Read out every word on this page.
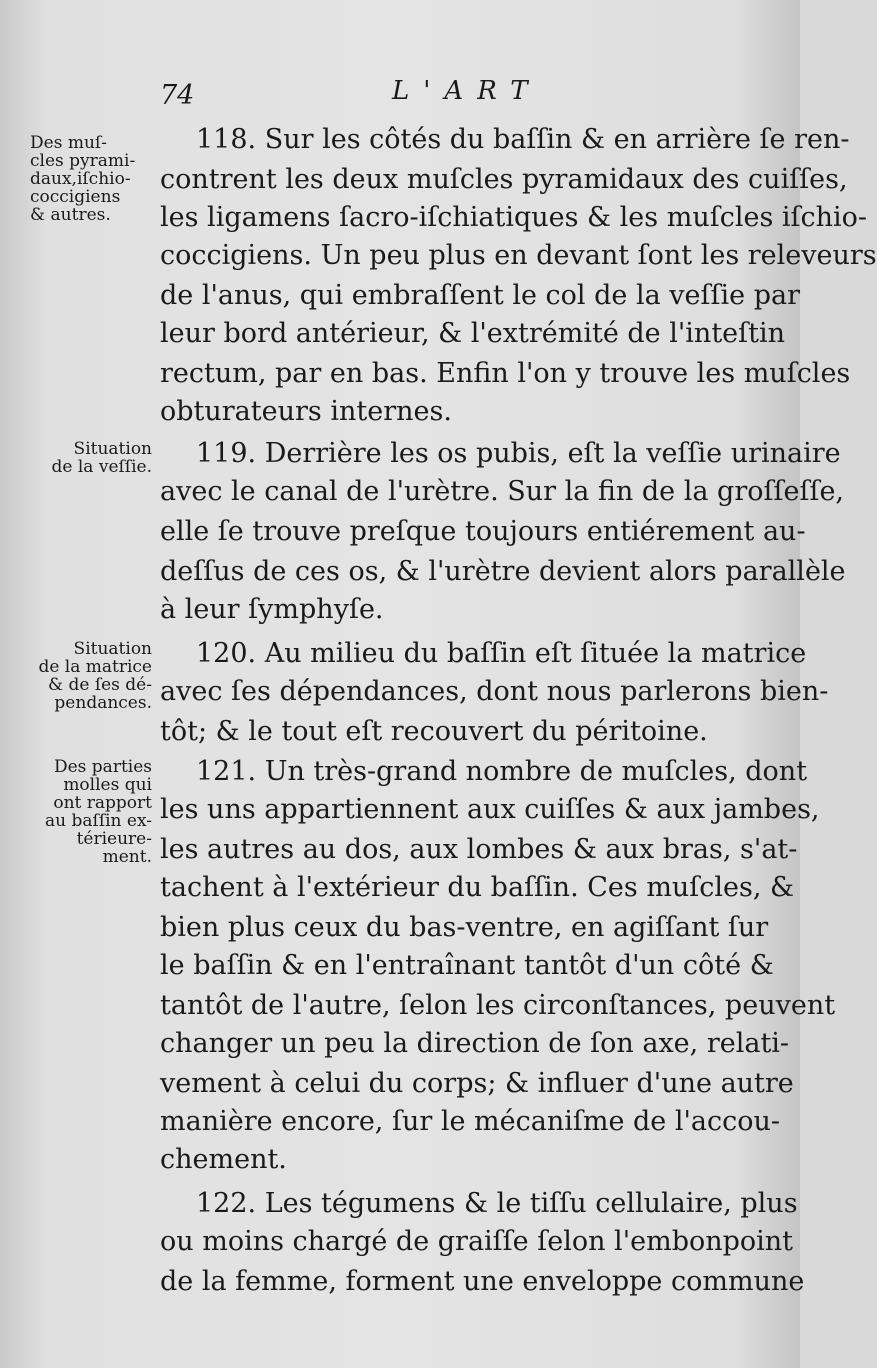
74	L'ART
Des muſ-
cles pyrami-
daux,iſchio-
coccigiens
& autres.
118. Sur les côtés du baſſin & en arrière ſe ren-
contrent les deux muſcles pyramidaux des cuiſſes,
les ligamens ſacro-iſchiatiques & les muſcles iſchio-
coccigiens. Un peu plus en devant ſont les releveurs
de l'anus, qui embraſſent le col de la veſſie par
leur bord antérieur, & l'extrémité de l'inteſtin
rectum, par en bas. Enfin l'on y trouve les muſcles
obturateurs internes.
Situation
de la veſſie. 119. Derrière les os pubis, eſt la veſſie urinaire
avec le canal de l'urètre. Sur la fin de la groſſeſſe,
elle ſe trouve preſque toujours entiérement au-
deſſus de ces os, & l'urètre devient alors parallèle
à leur ſymphyſe.
Situation
de la matrice
& de ſes dé-
pendances.
120. Au milieu du baſſin eſt ſituée la matrice
avec ſes dépendances, dont nous parlerons bien-
tôt; & le tout eſt recouvert du péritoine.
Des parties
molles qui
ont rapport
au baſſin ex-
térieure-
ment.
121. Un très-grand nombre de muſcles, dont
les uns appartiennent aux cuiſſes & aux jambes,
les autres au dos, aux lombes & aux bras, s'at-
tachent à l'extérieur du baſſin. Ces muſcles, &
bien plus ceux du bas-ventre, en agiſſant ſur
le baſſin & en l'entraînant tantôt d'un côté &
tantôt de l'autre, ſelon les circonſtances, peuvent
changer un peu la direction de ſon axe, relati-
vement à celui du corps; & influer d'une autre
manière encore, ſur le mécaniſme de l'accou-
chement.
122. Les tégumens & le tiſſu cellulaire, plus
ou moins chargé de graiſſe ſelon l'embonpoint
de la femme, forment une enveloppe commune
